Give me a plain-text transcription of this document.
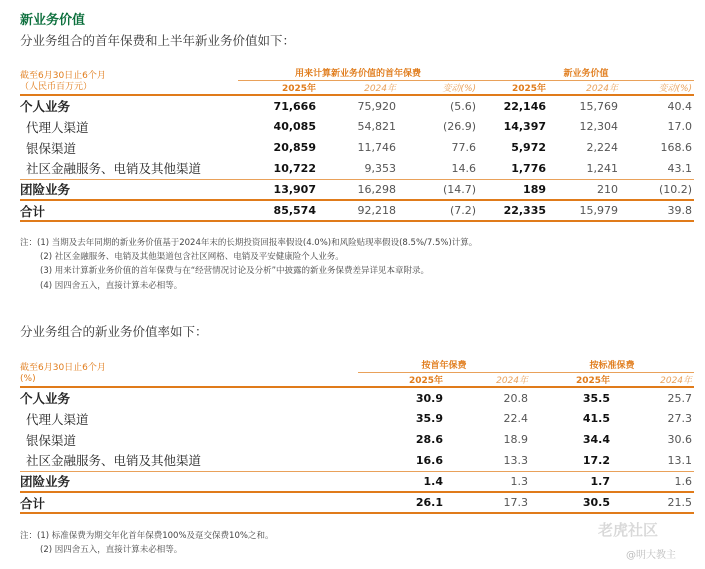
新业务价值
分业务组合的首年保费和上半年新业务价值如下：
截至6月30日止6个月
（人民币百万元）	用来计算新业务价值的首年保费			新业务价值		
	2025年	2024年	变动(%)	2025年	2024年	变动(%)

个人业务	71,666	75,920	(5.6)	22,146	15,769	40.4
代理人渠道	40,085	54,821	(26.9)	14,397	12,304	17.0
银保渠道	20,859	11,746	77.6	5,972	2,224	168.6
社区金融服务、电销及其他渠道	10,722	9,353	14.6	1,776	1,241	43.1
团险业务	13,907	16,298	(14.7)	189	210	(10.2)
合计	85,574	92,218	(7.2)	22,335	15,979	39.8
注：(1) 当期及去年同期的新业务价值基于2024年末的长期投资回报率假设(4.0%)和风险贴现率假设(8.5%/7.5%)计算。
(2) 社区金融服务、电销及其他渠道包含社区网格、电销及平安健康险个人业务。
(3) 用来计算新业务价值的首年保费与在“经营情况讨论及分析”中披露的新业务保费差异详见本章附录。
(4) 因四舍五入，直接计算未必相等。
分业务组合的新业务价值率如下：
截至6月30日止6个月
(%)	按首年保费		按标准保费	
	2025年	2024年	2025年	2024年

个人业务	30.9	20.8	35.5	25.7
代理人渠道	35.9	22.4	41.5	27.3
银保渠道	28.6	18.9	34.4	30.6
社区金融服务、电销及其他渠道	16.6	13.3	17.2	13.1
团险业务	1.4	1.3	1.7	1.6
合计	26.1	17.3	30.5	21.5
注：(1) 标准保费为期交年化首年保费100%及趸交保费10%之和。
(2) 因四舍五入，直接计算未必相等。
老虎社区
@明大教主
